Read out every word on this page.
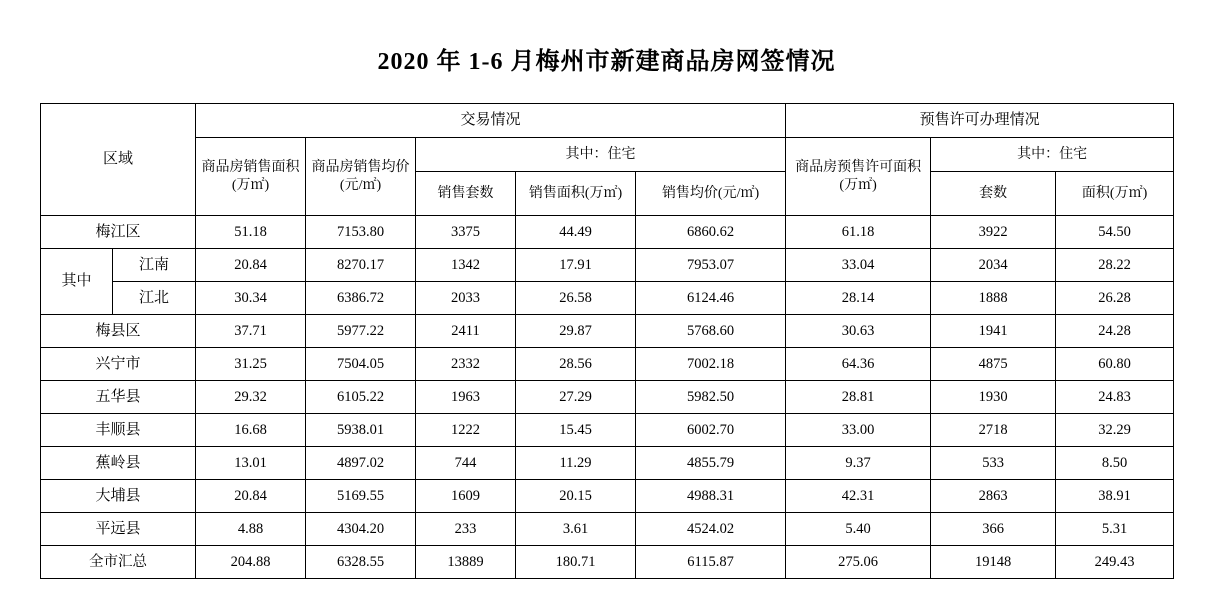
2020 年 1-6 月梅州市新建商品房网签情况
区域		交易情况					预售许可办理情况		
		商品房销售面积(万㎡)	商品房销售均价(元/㎡)	其中：住宅			商品房预售许可面积(万㎡)	其中：住宅	
				销售套数	销售面积(万㎡)	销售均价(元/㎡)		套数	面积(万㎡)
梅江区		51.18	7153.80	3375	44.49	6860.62	61.18	3922	54.50
其中	江南	20.84	8270.17	1342	17.91	7953.07	33.04	2034	28.22
	江北	30.34	6386.72	2033	26.58	6124.46	28.14	1888	26.28
梅县区		37.71	5977.22	2411	29.87	5768.60	30.63	1941	24.28
兴宁市		31.25	7504.05	2332	28.56	7002.18	64.36	4875	60.80
五华县		29.32	6105.22	1963	27.29	5982.50	28.81	1930	24.83
丰顺县		16.68	5938.01	1222	15.45	6002.70	33.00	2718	32.29
蕉岭县		13.01	4897.02	744	11.29	4855.79	9.37	533	8.50
大埔县		20.84	5169.55	1609	20.15	4988.31	42.31	2863	38.91
平远县		4.88	4304.20	233	3.61	4524.02	5.40	366	5.31
全市汇总		204.88	6328.55	13889	180.71	6115.87	275.06	19148	249.43
